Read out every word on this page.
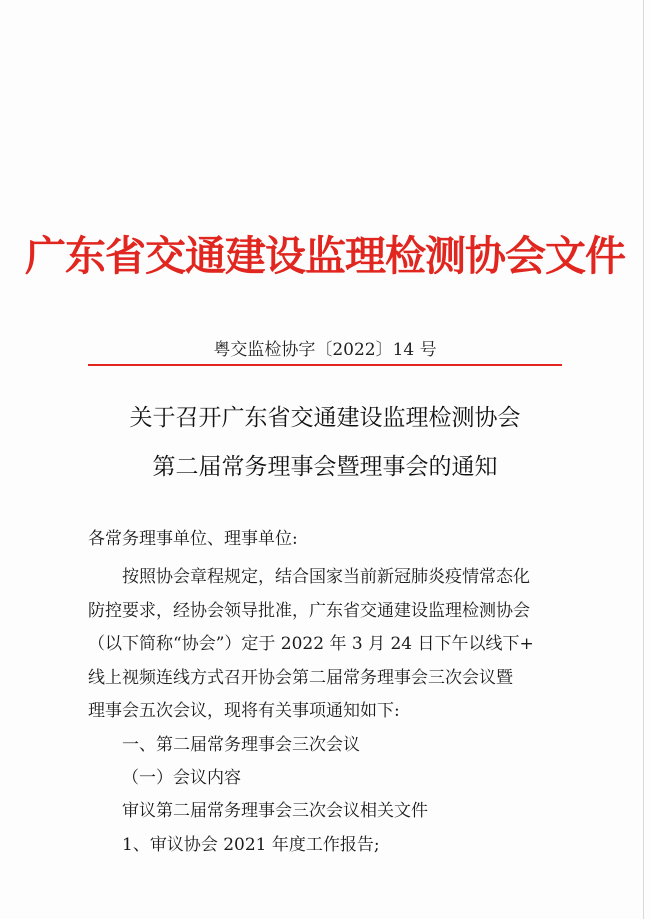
广东省交通建设监理检测协会文件
粤交监检协字〔2022〕14 号
关于召开广东省交通建设监理检测协会
第二届常务理事会暨理事会的通知
各常务理事单位、理事单位:
按照协会章程规定，结合国家当前新冠肺炎疫情常态化
防控要求，经协会领导批准，广东省交通建设监理检测协会
（以下简称“协会”）定于 2022 年 3 月 24 日下午以线下+
线上视频连线方式召开协会第二届常务理事会三次会议暨
理事会五次会议，现将有关事项通知如下:
一、第二届常务理事会三次会议
（一）会议内容
审议第二届常务理事会三次会议相关文件
1、审议协会 2021 年度工作报告;
